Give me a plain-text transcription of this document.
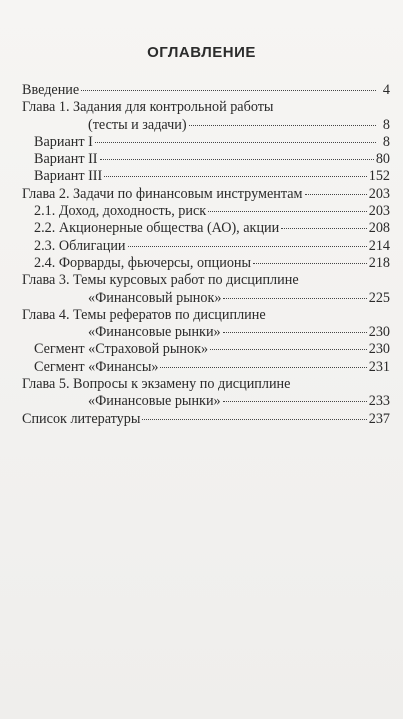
ОГЛАВЛЕНИЕ
Введение	4
Глава 1. Задания для контрольной работы
(тесты и задачи)	8
Вариант I	8
Вариант II	80
Вариант III	152
Глава 2. Задачи по финансовым инструментам	203
2.1. Доход, доходность, риск	203
2.2. Акционерные общества (АО), акции	208
2.3. Облигации	214
2.4. Форварды, фьючерсы, опционы	218
Глава 3. Темы курсовых работ по дисциплине
«Финансовый рынок»	225
Глава 4. Темы рефератов по дисциплине
«Финансовые рынки»	230
Сегмент «Страховой рынок»	230
Сегмент «Финансы»	231
Глава 5. Вопросы к экзамену по дисциплине
«Финансовые рынки»	233
Список литературы	237
